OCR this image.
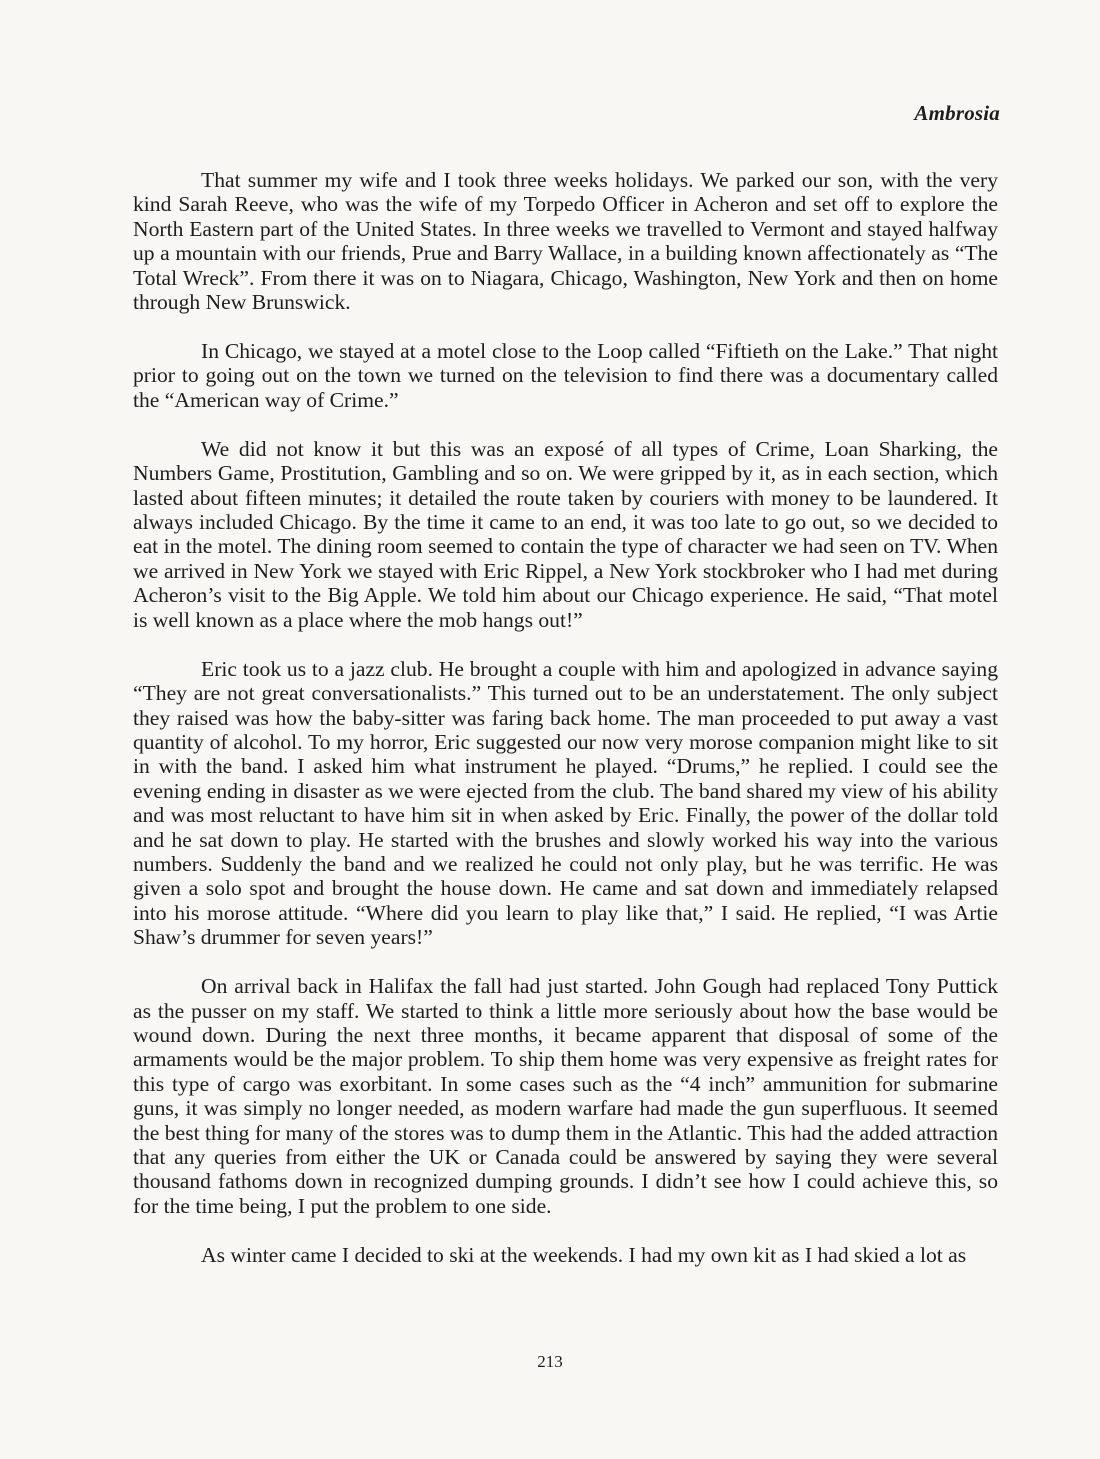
Ambrosia

That summer my wife and I took three weeks holidays. We parked our son, with the very kind Sarah Reeve, who was the wife of my Torpedo Officer in Acheron and set off to explore the North Eastern part of the United States. In three weeks we travelled to Vermont and stayed halfway up a mountain with our friends, Prue and Barry Wallace, in a building known affectionately as “The Total Wreck”. From there it was on to Niagara, Chicago, Washington, New York and then on home through New Brunswick.

In Chicago, we stayed at a motel close to the Loop called “Fiftieth on the Lake.” That night prior to going out on the town we turned on the television to find there was a documentary called the “American way of Crime.”

We did not know it but this was an exposé of all types of Crime, Loan Sharking, the Numbers Game, Prostitution, Gambling and so on. We were gripped by it, as in each section, which lasted about fifteen minutes; it detailed the route taken by couriers with money to be laundered. It always included Chicago. By the time it came to an end, it was too late to go out, so we decided to eat in the motel. The dining room seemed to contain the type of character we had seen on TV. When we arrived in New York we stayed with Eric Rippel, a New York stockbroker who I had met during Acheron’s visit to the Big Apple. We told him about our Chicago experience. He said, “That motel is well known as a place where the mob hangs out!”

Eric took us to a jazz club. He brought a couple with him and apologized in advance saying “They are not great conversationalists.” This turned out to be an understatement. The only subject they raised was how the baby-sitter was faring back home. The man proceeded to put away a vast quantity of alcohol. To my horror, Eric suggested our now very morose companion might like to sit in with the band. I asked him what instrument he played. “Drums,” he replied. I could see the evening ending in disaster as we were ejected from the club. The band shared my view of his ability and was most reluctant to have him sit in when asked by Eric. Finally, the power of the dollar told and he sat down to play. He started with the brushes and slowly worked his way into the various numbers. Suddenly the band and we realized he could not only play, but he was terrific. He was given a solo spot and brought the house down. He came and sat down and immediately relapsed into his morose attitude. “Where did you learn to play like that,” I said. He replied, “I was Artie Shaw’s drummer for seven years!”

On arrival back in Halifax the fall had just started. John Gough had replaced Tony Puttick as the pusser on my staff. We started to think a little more seriously about how the base would be wound down. During the next three months, it became apparent that disposal of some of the armaments would be the major problem. To ship them home was very expensive as freight rates for this type of cargo was exorbitant. In some cases such as the “4 inch” ammunition for submarine guns, it was simply no longer needed, as modern warfare had made the gun superfluous. It seemed the best thing for many of the stores was to dump them in the Atlantic. This had the added attraction that any queries from either the UK or Canada could be answered by saying they were several thousand fathoms down in recognized dumping grounds. I didn’t see how I could achieve this, so for the time being, I put the problem to one side.

As winter came I decided to ski at the weekends. I had my own kit as I had skied a lot as

213
